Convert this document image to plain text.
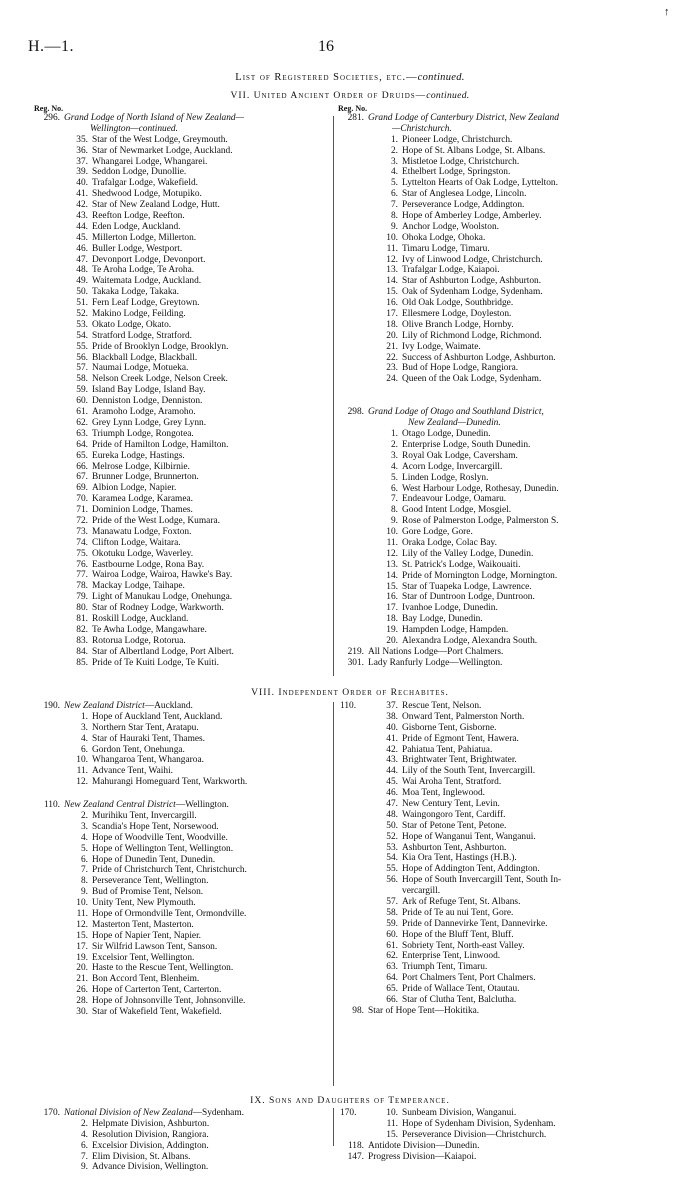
↑
H.—1.	16
List of Registered Societies, etc.—continued.
VII. United Ancient Order of Druids—continued.
Reg. No.
296. Grand Lodge of North Island of New Zealand—
Wellington—continued.
35. Star of the West Lodge, Greymouth.
36. Star of Newmarket Lodge, Auckland.
37. Whangarei Lodge, Whangarei.
39. Seddon Lodge, Dunollie.
40. Trafalgar Lodge, Wakefield.
41. Shedwood Lodge, Motupiko.
42. Star of New Zealand Lodge, Hutt.
43. Reefton Lodge, Reefton.
44. Eden Lodge, Auckland.
45. Millerton Lodge, Millerton.
46. Buller Lodge, Westport.
47. Devonport Lodge, Devonport.
48. Te Aroha Lodge, Te Aroha.
49. Waitemata Lodge, Auckland.
50. Takaka Lodge, Takaka.
51. Fern Leaf Lodge, Greytown.
52. Makino Lodge, Feilding.
53. Okato Lodge, Okato.
54. Stratford Lodge, Stratford.
55. Pride of Brooklyn Lodge, Brooklyn.
56. Blackball Lodge, Blackball.
57. Naumai Lodge, Motueka.
58. Nelson Creek Lodge, Nelson Creek.
59. Island Bay Lodge, Island Bay.
60. Denniston Lodge, Denniston.
61. Aramoho Lodge, Aramoho.
62. Grey Lynn Lodge, Grey Lynn.
63. Triumph Lodge, Rongotea.
64. Pride of Hamilton Lodge, Hamilton.
65. Eureka Lodge, Hastings.
66. Melrose Lodge, Kilbirnie.
67. Brunner Lodge, Brunnerton.
69. Albion Lodge, Napier.
70. Karamea Lodge, Karamea.
71. Dominion Lodge, Thames.
72. Pride of the West Lodge, Kumara.
73. Manawatu Lodge, Foxton.
74. Clifton Lodge, Waitara.
75. Okotuku Lodge, Waverley.
76. Eastbourne Lodge, Rona Bay.
77. Wairoa Lodge, Wairoa, Hawke's Bay.
78. Mackay Lodge, Taihape.
79. Light of Manukau Lodge, Onehunga.
80. Star of Rodney Lodge, Warkworth.
81. Roskill Lodge, Auckland.
82. Te Awha Lodge, Mangawhare.
83. Rotorua Lodge, Rotorua.
84. Star of Albertland Lodge, Port Albert.
85. Pride of Te Kuiti Lodge, Te Kuiti.
Reg. No.
281. Grand Lodge of Canterbury District, New Zealand
—Christchurch.
1. Pioneer Lodge, Christchurch.
2. Hope of St. Albans Lodge, St. Albans.
3. Mistletoe Lodge, Christchurch.
4. Ethelbert Lodge, Springston.
5. Lyttelton Hearts of Oak Lodge, Lyttelton.
6. Star of Anglesea Lodge, Lincoln.
7. Perseverance Lodge, Addington.
8. Hope of Amberley Lodge, Amberley.
9. Anchor Lodge, Woolston.
10. Ohoka Lodge, Ohoka.
11. Timaru Lodge, Timaru.
12. Ivy of Linwood Lodge, Christchurch.
13. Trafalgar Lodge, Kaiapoi.
14. Star of Ashburton Lodge, Ashburton.
15. Oak of Sydenham Lodge, Sydenham.
16. Old Oak Lodge, Southbridge.
17. Ellesmere Lodge, Doyleston.
18. Olive Branch Lodge, Hornby.
20. Lily of Richmond Lodge, Richmond.
21. Ivy Lodge, Waimate.
22. Success of Ashburton Lodge, Ashburton.
23. Bud of Hope Lodge, Rangiora.
24. Queen of the Oak Lodge, Sydenham.
298. Grand Lodge of Otago and Southland District,
New Zealand—Dunedin.
1. Otago Lodge, Dunedin.
2. Enterprise Lodge, South Dunedin.
3. Royal Oak Lodge, Caversham.
4. Acorn Lodge, Invercargill.
5. Linden Lodge, Roslyn.
6. West Harbour Lodge, Rothesay, Dunedin.
7. Endeavour Lodge, Oamaru.
8. Good Intent Lodge, Mosgiel.
9. Rose of Palmerston Lodge, Palmerston S.
10. Gore Lodge, Gore.
11. Oraka Lodge, Colac Bay.
12. Lily of the Valley Lodge, Dunedin.
13. St. Patrick's Lodge, Waikouaiti.
14. Pride of Mornington Lodge, Mornington.
15. Star of Tuapeka Lodge, Lawrence.
16. Star of Duntroon Lodge, Duntroon.
17. Ivanhoe Lodge, Dunedin.
18. Bay Lodge, Dunedin.
19. Hampden Lodge, Hampden.
20. Alexandra Lodge, Alexandra South.
219. All Nations Lodge—Port Chalmers.
301. Lady Ranfurly Lodge—Wellington.
VIII. Independent Order of Rechabites.
190. New Zealand District—Auckland.
1. Hope of Auckland Tent, Auckland.
3. Northern Star Tent, Aratapu.
4. Star of Hauraki Tent, Thames.
6. Gordon Tent, Onehunga.
10. Whangaroa Tent, Whangaroa.
11. Advance Tent, Waihi.
12. Mahurangi Homeguard Tent, Warkworth.
110. New Zealand Central District—Wellington.
2. Murihiku Tent, Invercargill.
3. Scandia's Hope Tent, Norsewood.
4. Hope of Woodville Tent, Woodville.
5. Hope of Wellington Tent, Wellington.
6. Hope of Dunedin Tent, Dunedin.
7. Pride of Christchurch Tent, Christchurch.
8. Perseverance Tent, Wellington.
9. Bud of Promise Tent, Nelson.
10. Unity Tent, New Plymouth.
11. Hope of Ormondville Tent, Ormondville.
12. Masterton Tent, Masterton.
15. Hope of Napier Tent, Napier.
17. Sir Wilfrid Lawson Tent, Sanson.
19. Excelsior Tent, Wellington.
20. Haste to the Rescue Tent, Wellington.
21. Bon Accord Tent, Blenheim.
26. Hope of Carterton Tent, Carterton.
28. Hope of Johnsonville Tent, Johnsonville.
30. Star of Wakefield Tent, Wakefield.
37. Rescue Tent, Nelson.
110.
38. Onward Tent, Palmerston North.
40. Gisborne Tent, Gisborne.
41. Pride of Egmont Tent, Hawera.
42. Pahiatua Tent, Pahiatua.
43. Brightwater Tent, Brightwater.
44. Lily of the South Tent, Invercargill.
45. Wai Aroha Tent, Stratford.
46. Moa Tent, Inglewood.
47. New Century Tent, Levin.
48. Waingongoro Tent, Cardiff.
50. Star of Petone Tent, Petone.
52. Hope of Wanganui Tent, Wanganui.
53. Ashburton Tent, Ashburton.
54. Kia Ora Tent, Hastings (H.B.).
55. Hope of Addington Tent, Addington.
56. Hope of South Invercargill Tent, South In-
vercargill.
57. Ark of Refuge Tent, St. Albans.
58. Pride of Te au nui Tent, Gore.
59. Pride of Dannevirke Tent, Dannevirke.
60. Hope of the Bluff Tent, Bluff.
61. Sobriety Tent, North-east Valley.
62. Enterprise Tent, Linwood.
63. Triumph Tent, Timaru.
64. Port Chalmers Tent, Port Chalmers.
65. Pride of Wallace Tent, Otautau.
66. Star of Clutha Tent, Balclutha.
98. Star of Hope Tent—Hokitika.
IX. Sons and Daughters of Temperance.
170. National Division of New Zealand—Sydenham.
2. Helpmate Division, Ashburton.
4. Resolution Division, Rangiora.
6. Excelsior Division, Addington.
7. Elim Division, St. Albans.
9. Advance Division, Wellington.
10. Sunbeam Division, Wanganui.
170.
11. Hope of Sydenham Division, Sydenham.
15. Perseverance Division—Christchurch.
118. Antidote Division—Dunedin.
147. Progress Division—Kaiapoi.
